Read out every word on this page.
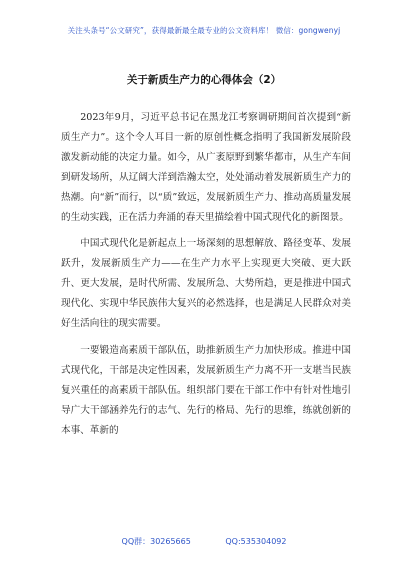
关注头条号“公文研究”，获得最新最全最专业的公文资料库！ 微信：gongwenyj
关于新质生产力的心得体会（2）

2023年9月，习近平总书记在黑龙江考察调研期间首次提到“新质生产力”。这个令人耳目一新的原创性概念指明了我国新发展阶段激发新动能的决定力量。如今，从广袤原野到繁华都市，从生产车间到研发场所，从辽阔大洋到浩瀚太空，处处涌动着发展新质生产力的热潮。向“新”而行，以“质”致远，发展新质生产力、推动高质量发展的生动实践，正在活力奔涌的春天里描绘着中国式现代化的新图景。

中国式现代化是新起点上一场深刻的思想解放、路径变革、发展跃升，发展新质生产力——在生产力水平上实现更大突破、更大跃升、更大发展，是时代所需、发展所急、大势所趋，更是推进中国式现代化、实现中华民族伟大复兴的必然选择，也是满足人民群众对美好生活向往的现实需要。

一要锻造高素质干部队伍，助推新质生产力加快形成。推进中国式现代化，干部是决定性因素，发展新质生产力离不开一支堪当民族复兴重任的高素质干部队伍。组织部门要在干部工作中有针对性地引导广大干部涵养先行的志气、先行的格局、先行的思维，练就创新的本事、革新的

QQ群：30265665	QQ:535304092
